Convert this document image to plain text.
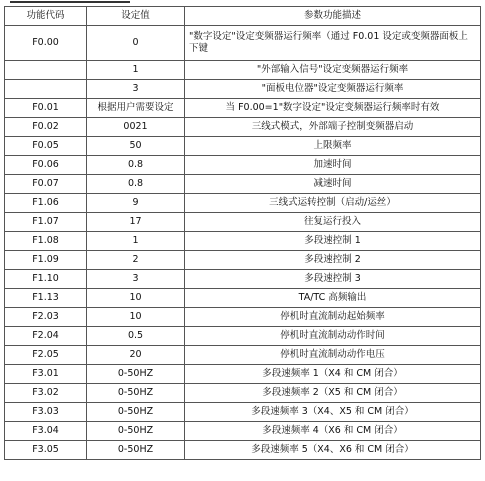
功能代码	设定值	参数功能描述
F0.00	0	"数字设定"设定变频器运行频率（通过 F0.01 设定或变频器面板上下键
	1	"外部输入信号"设定变频器运行频率
	3	"面板电位器"设定变频器运行频率
F0.01	根据用户需要设定	当 F0.00=1"数字设定"设定变频器运行频率时有效
F0.02	0021	三线式模式，外部端子控制变频器启动
F0.05	50	上限频率
F0.06	0.8	加速时间
F0.07	0.8	减速时间
F1.06	9	三线式运转控制（启动/运丝）
F1.07	17	往复运行投入
F1.08	1	多段速控制 1
F1.09	2	多段速控制 2
F1.10	3	多段速控制 3
F1.13	10	TA/TC 高频输出
F2.03	10	停机时直流制动起始频率
F2.04	0.5	停机时直流制动动作时间
F2.05	20	停机时直流制动动作电压
F3.01	0-50HZ	多段速频率 1（X4 和 CM 闭合）
F3.02	0-50HZ	多段速频率 2（X5 和 CM 闭合）
F3.03	0-50HZ	多段速频率 3（X4、X5 和 CM 闭合）
F3.04	0-50HZ	多段速频率 4（X6 和 CM 闭合）
F3.05	0-50HZ	多段速频率 5（X4、X6 和 CM 闭合）
